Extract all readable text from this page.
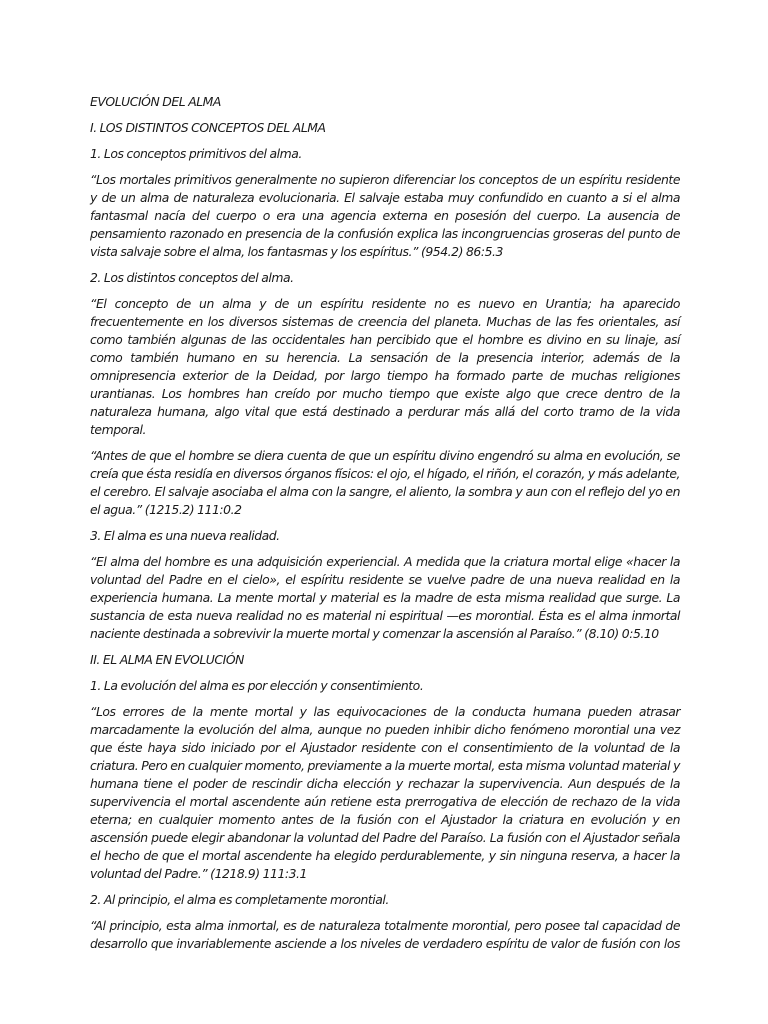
EVOLUCIÓN DEL ALMA

I. LOS DISTINTOS CONCEPTOS DEL ALMA

1. Los conceptos primitivos del alma.

“Los mortales primitivos generalmente no supieron diferenciar los conceptos de un espíritu residente y de un alma de naturaleza evolucionaria. El salvaje estaba muy confundido en cuanto a si el alma fantasmal nacía del cuerpo o era una agencia externa en posesión del cuerpo. La ausencia de pensamiento razonado en presencia de la confusión explica las incongruencias groseras del punto de vista salvaje sobre el alma, los fantasmas y los espíritus.” (954.2) 86:5.3

2. Los distintos conceptos del alma.

“El concepto de un alma y de un espíritu residente no es nuevo en Urantia; ha aparecido frecuentemente en los diversos sistemas de creencia del planeta. Muchas de las fes orientales, así como también algunas de las occidentales han percibido que el hombre es divino en su linaje, así como también humano en su herencia. La sensación de la presencia interior, además de la omnipresencia exterior de la Deidad, por largo tiempo ha formado parte de muchas religiones urantianas. Los hombres han creído por mucho tiempo que existe algo que crece dentro de la naturaleza humana, algo vital que está destinado a perdurar más allá del corto tramo de la vida temporal.

“Antes de que el hombre se diera cuenta de que un espíritu divino engendró su alma en evolución, se creía que ésta residía en diversos órganos físicos: el ojo, el hígado, el riñón, el corazón, y más adelante, el cerebro. El salvaje asociaba el alma con la sangre, el aliento, la sombra y aun con el reflejo del yo en el agua.” (1215.2) 111:0.2

3. El alma es una nueva realidad.

“El alma del hombre es una adquisición experiencial. A medida que la criatura mortal elige «hacer la voluntad del Padre en el cielo», el espíritu residente se vuelve padre de una nueva realidad en la experiencia humana. La mente mortal y material es la madre de esta misma realidad que surge. La sustancia de esta nueva realidad no es material ni espiritual —es morontial. Ésta es el alma inmortal naciente destinada a sobrevivir la muerte mortal y comenzar la ascensión al Paraíso.” (8.10) 0:5.10

II. EL ALMA EN EVOLUCIÓN

1. La evolución del alma es por elección y consentimiento.

“Los errores de la mente mortal y las equivocaciones de la conducta humana pueden atrasar marcadamente la evolución del alma, aunque no pueden inhibir dicho fenómeno morontial una vez que éste haya sido iniciado por el Ajustador residente con el consentimiento de la voluntad de la criatura. Pero en cualquier momento, previamente a la muerte mortal, esta misma voluntad material y humana tiene el poder de rescindir dicha elección y rechazar la supervivencia. Aun después de la supervivencia el mortal ascendente aún retiene esta prerrogativa de elección de rechazo de la vida eterna; en cualquier momento antes de la fusión con el Ajustador la criatura en evolución y en ascensión puede elegir abandonar la voluntad del Padre del Paraíso. La fusión con el Ajustador señala el hecho de que el mortal ascendente ha elegido perdurablemente, y sin ninguna reserva, a hacer la voluntad del Padre.” (1218.9) 111:3.1

2. Al principio, el alma es completamente morontial.

“Al principio, esta alma inmortal, es de naturaleza totalmente morontial, pero posee tal capacidad de desarrollo que invariablemente asciende a los niveles de verdadero espíritu de valor de fusión con los
